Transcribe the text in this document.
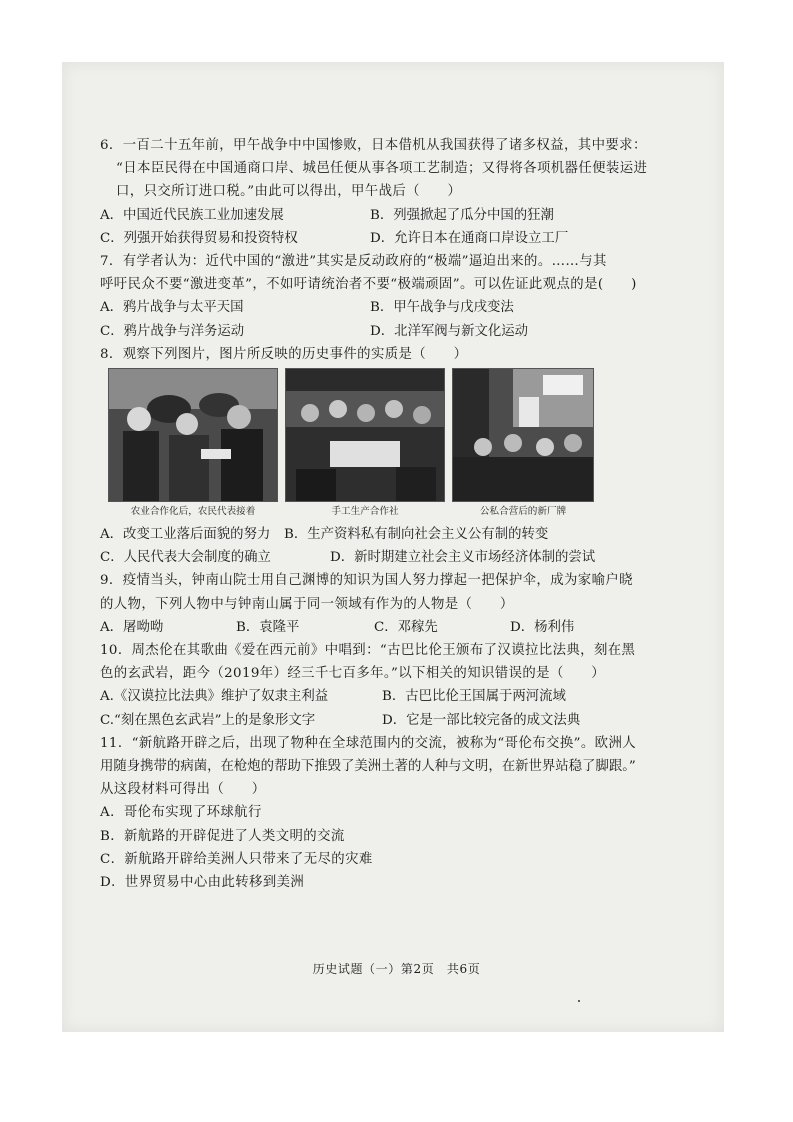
6．一百二十五年前，甲午战争中中国惨败，日本借机从我国获得了诸多权益，其中要求：
“日本臣民得在中国通商口岸、城邑任便从事各项工艺制造；又得将各项机器任便装运进
口，只交所订进口税。”由此可以得出，甲午战后（　　）
A．中国近代民族工业加速发展	B．列强掀起了瓜分中国的狂潮
C．列强开始获得贸易和投资特权	D．允许日本在通商口岸设立工厂
7．有学者认为：近代中国的“激进”其实是反动政府的“极端”逼迫出来的。……与其
呼吁民众不要“激进变革”，不如吁请统治者不要“极端顽固”。可以佐证此观点的是(　　)
A．鸦片战争与太平天国	B．甲午战争与戊戌变法
C．鸦片战争与洋务运动	D．北洋军阀与新文化运动
8．观察下列图片，图片所反映的历史事件的实质是（　　）
农业合作化后，农民代表接着	手工生产合作社	公私合营后的新厂牌
A．改变工业落后面貌的努力	B．生产资料私有制向社会主义公有制的转变
C．人民代表大会制度的确立	D．新时期建立社会主义市场经济体制的尝试
9．疫情当头，钟南山院士用自己渊博的知识为国人努力撑起一把保护伞，成为家喻户晓
的人物，下列人物中与钟南山属于同一领域有作为的人物是（　　）
A．屠呦呦	B．袁隆平	C．邓稼先	D．杨利伟
10．周杰伦在其歌曲《爱在西元前》中唱到：“古巴比伦王颁布了汉谟拉比法典，刻在黑
色的玄武岩，距今（2019年）经三千七百多年。”以下相关的知识错误的是（　　）
A.《汉谟拉比法典》维护了奴隶主利益	B．古巴比伦王国属于两河流域
C.“刻在黑色玄武岩”上的是象形文字	D．它是一部比较完备的成文法典
11．“新航路开辟之后，出现了物种在全球范围内的交流，被称为“哥伦布交换”。欧洲人
用随身携带的病菌，在枪炮的帮助下推毁了美洲土著的人种与文明，在新世界站稳了脚跟。”
从这段材料可得出（　　）
A．哥伦布实现了环球航行
B．新航路的开辟促进了人类文明的交流
C．新航路开辟给美洲人只带来了无尽的灾难
D．世界贸易中心由此转移到美洲
历史试题（一）第2页　共6页
